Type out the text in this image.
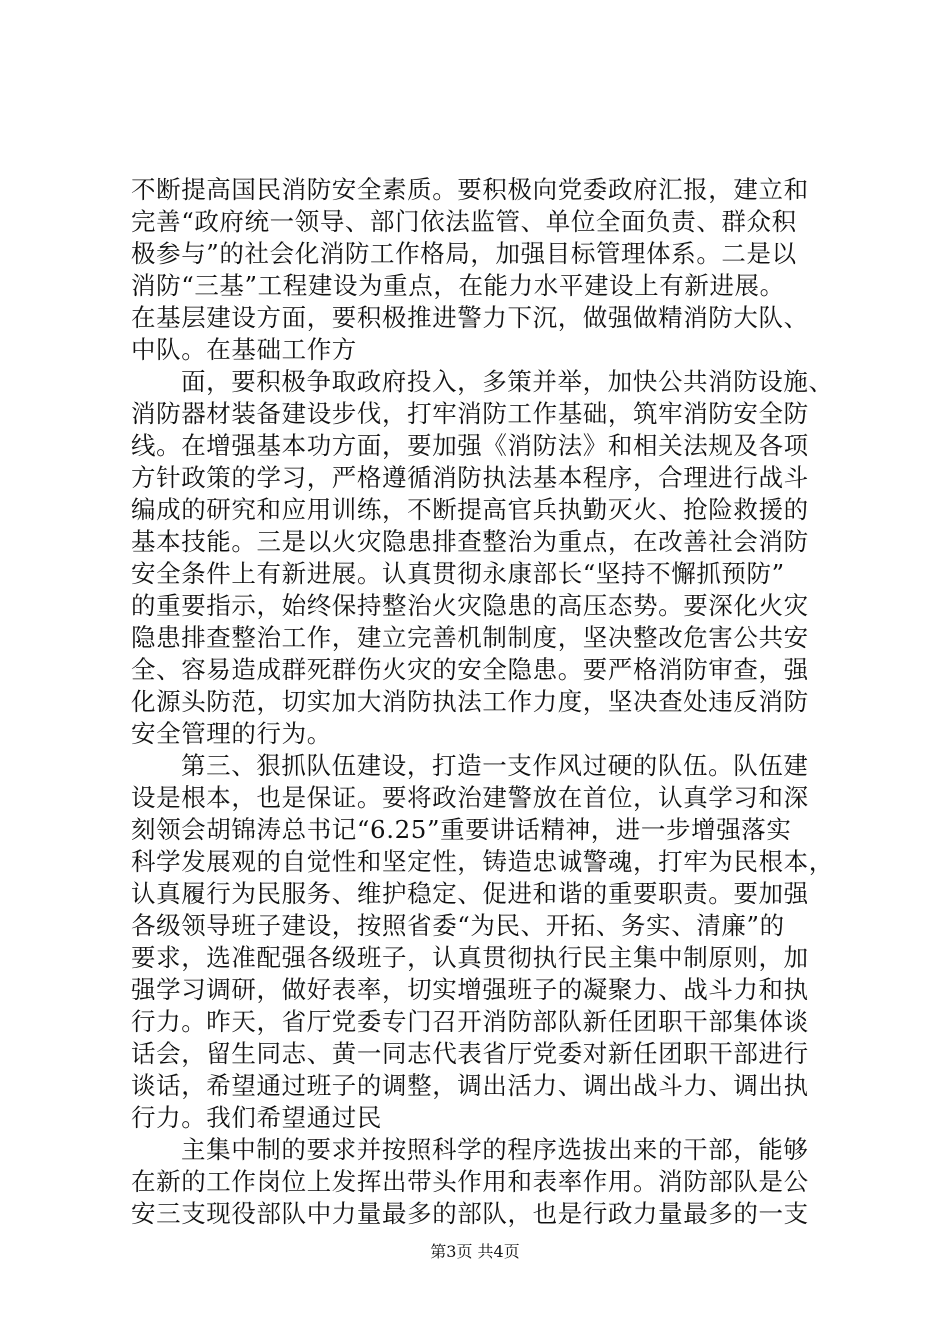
不断提高国民消防安全素质。要积极向党委政府汇报，建立和
完善“政府统一领导、部门依法监管、单位全面负责、群众积
极参与”的社会化消防工作格局，加强目标管理体系。二是以
消防“三基”工程建设为重点，在能力水平建设上有新进展。
在基层建设方面，要积极推进警力下沉，做强做精消防大队、
中队。在基础工作方
面，要积极争取政府投入，多策并举，加快公共消防设施、
消防器材装备建设步伐，打牢消防工作基础，筑牢消防安全防
线。在增强基本功方面，要加强《消防法》和相关法规及各项
方针政策的学习，严格遵循消防执法基本程序，合理进行战斗
编成的研究和应用训练，不断提高官兵执勤灭火、抢险救援的
基本技能。三是以火灾隐患排查整治为重点，在改善社会消防
安全条件上有新进展。认真贯彻永康部长“坚持不懈抓预防”
的重要指示，始终保持整治火灾隐患的高压态势。要深化火灾
隐患排查整治工作，建立完善机制制度，坚决整改危害公共安
全、容易造成群死群伤火灾的安全隐患。要严格消防审查，强
化源头防范，切实加大消防执法工作力度，坚决查处违反消防
安全管理的行为。
第三、狠抓队伍建设，打造一支作风过硬的队伍。队伍建
设是根本，也是保证。要将政治建警放在首位，认真学习和深
刻领会胡锦涛总书记“6.25”重要讲话精神，进一步增强落实
科学发展观的自觉性和坚定性，铸造忠诚警魂，打牢为民根本，
认真履行为民服务、维护稳定、促进和谐的重要职责。要加强
各级领导班子建设，按照省委“为民、开拓、务实、清廉”的
要求，选准配强各级班子，认真贯彻执行民主集中制原则，加
强学习调研，做好表率，切实增强班子的凝聚力、战斗力和执
行力。昨天，省厅党委专门召开消防部队新任团职干部集体谈
话会，留生同志、黄一同志代表省厅党委对新任团职干部进行
谈话，希望通过班子的调整，调出活力、调出战斗力、调出执
行力。我们希望通过民
主集中制的要求并按照科学的程序选拔出来的干部，能够
在新的工作岗位上发挥出带头作用和表率作用。消防部队是公
安三支现役部队中力量最多的部队，也是行政力量最多的一支
第3页 共4页
